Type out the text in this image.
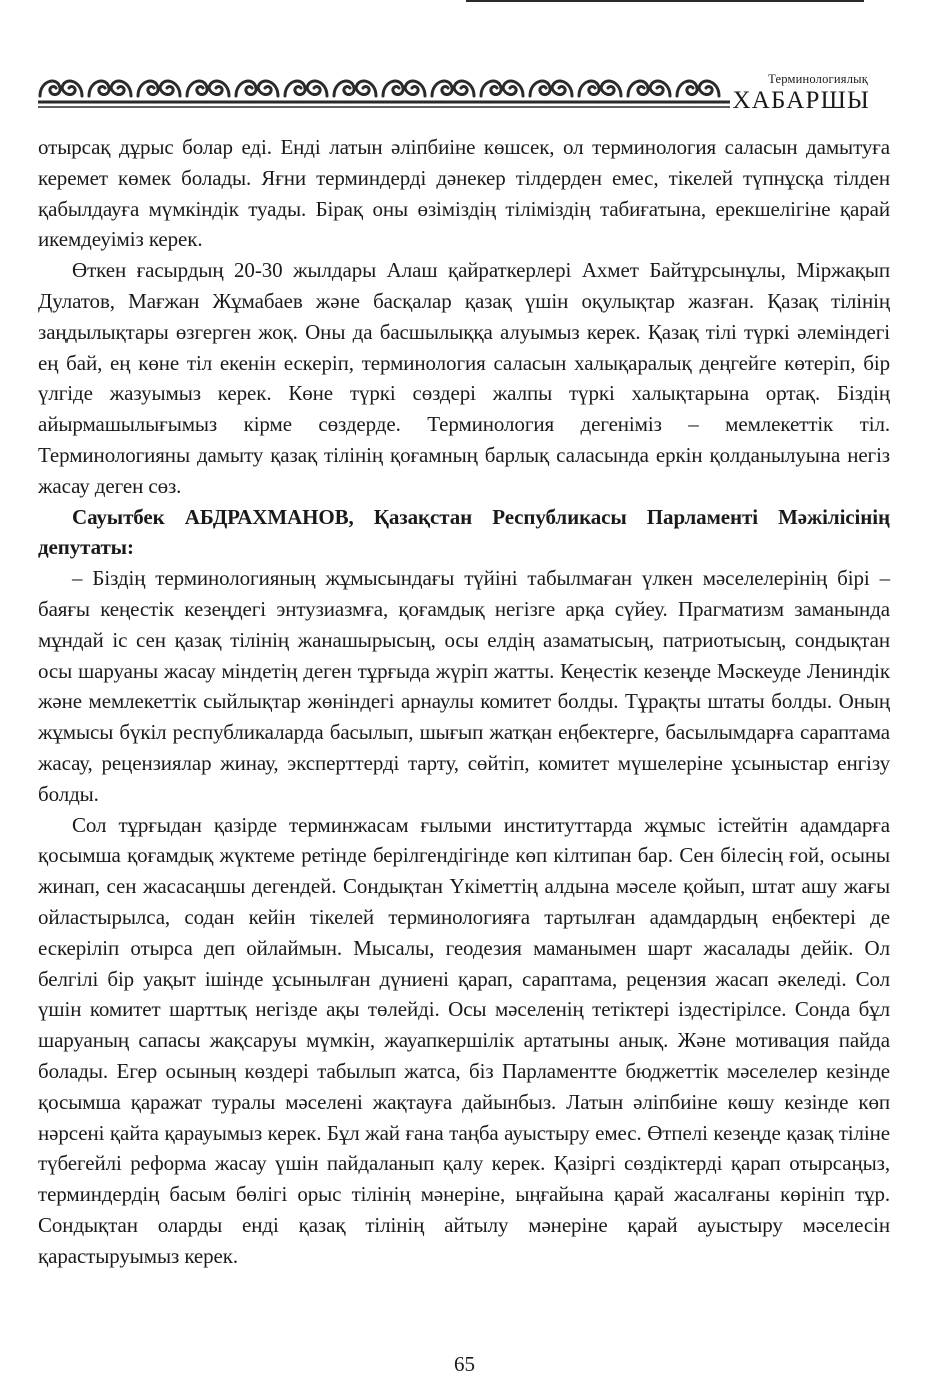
Терминологиялық
ХАБАРШЫ

отырсақ дұрыс болар еді. Енді латын әліпбиіне көшсек, ол терминология саласын дамытуға керемет көмек болады. Яғни терминдерді дәнекер тілдерден емес, тікелей түпнұсқа тілден қабылдауға мүмкіндік туады. Бірақ оны өзіміздің тіліміздің табиғатына, ерекшелігіне қарай икемдеуіміз керек.

Өткен ғасырдың 20-30 жылдары Алаш қайраткерлері Ахмет Байтұрсынұлы, Міржақып Дулатов, Мағжан Жұмабаев және басқалар қазақ үшін оқулықтар жазған. Қазақ тілінің заңдылықтары өзгерген жоқ. Оны да басшылыққа алуымыз керек. Қазақ тілі түркі әлеміндегі ең бай, ең көне тіл екенін ескеріп, терминология саласын халықаралық деңгейге көтеріп, бір үлгіде жазуымыз керек. Көне түркі сөздері жалпы түркі халықтарына ортақ. Біздің айырмашылығымыз кірме сөздерде. Терминология дегеніміз – мемлекеттік тіл. Терминологияны дамыту қазақ тілінің қоғамның барлық саласында еркін қолданылуына негіз жасау деген сөз.

Сауытбек АБДРАХМАНОВ, Қазақстан Республикасы Парламенті Мәжілісінің депутаты:

– Біздің терминологияның жұмысындағы түйіні табылмаған үлкен мәселелерінің бірі – баяғы кеңестік кезеңдегі энтузиазмға, қоғамдық негізге арқа сүйеу. Прагматизм заманында мұндай іс сен қазақ тілінің жанашырысың, осы елдің азаматысың, патриотысың, сондықтан осы шаруаны жасау міндетің деген тұрғыда жүріп жатты. Кеңестік кезеңде Мәскеудe Лениндік және мемлекеттік сыйлықтар жөніндегі арнаулы комитет болды. Тұрақты штаты болды. Оның жұмысы бүкіл республикаларда басылып, шығып жатқан еңбектерге, басылымдарға сараптама жасау, рецензиялар жинау, эксперттерді тарту, сөйтіп, комитет мүшелеріне ұсыныстар енгізу болды.

Сол тұрғыдан қазірде терминжасам ғылыми институттарда жұмыс істейтін адамдарға қосымша қоғамдық жүктеме ретінде берілгендігінде көп кілтипан бар. Сен білесің ғой, осыны жинап, сен жасасаңшы дегендей. Сондықтан Үкіметтің алдына мәселе қойып, штат ашу жағы ойластырылса, содан кейін тікелей терминологияға тартылған адамдардың еңбектері де ескеріліп отырса деп ойлаймын. Мысалы, геодезия маманымен шарт жасалады дейік. Ол белгілі бір уақыт ішінде ұсынылған дүниені қарап, сараптама, рецензия жасап әкеледі. Сол үшін комитет шарттық негізде ақы төлейді. Осы мәселенің тетіктері іздестірілсе. Сонда бұл шаруаның сапасы жақсаруы мүмкін, жауапкершілік артатыны анық. Және мотивация пайда болады. Егер осының көздері табылып жатса, біз Парламентте бюджеттік мәселелер кезінде қосымша қаражат туралы мәселені жақтауға дайынбыз. Латын әліпбиіне көшу кезінде көп нәрсені қайта қарауымыз керек. Бұл жай ғана таңба ауыстыру емес. Өтпелі кезеңде қазақ тіліне түбегейлі реформа жасау үшін пайдаланып қалу керек. Қазіргі сөздіктерді қарап отырсаңыз, терминдердің басым бөлігі орыс тілінің мәнеріне, ыңғайына қарай жасалғаны көрініп тұр. Сондықтан оларды енді қазақ тілінің айтылу мәнеріне қарай ауыстыру мәселесін қарастыруымыз керек.

65
